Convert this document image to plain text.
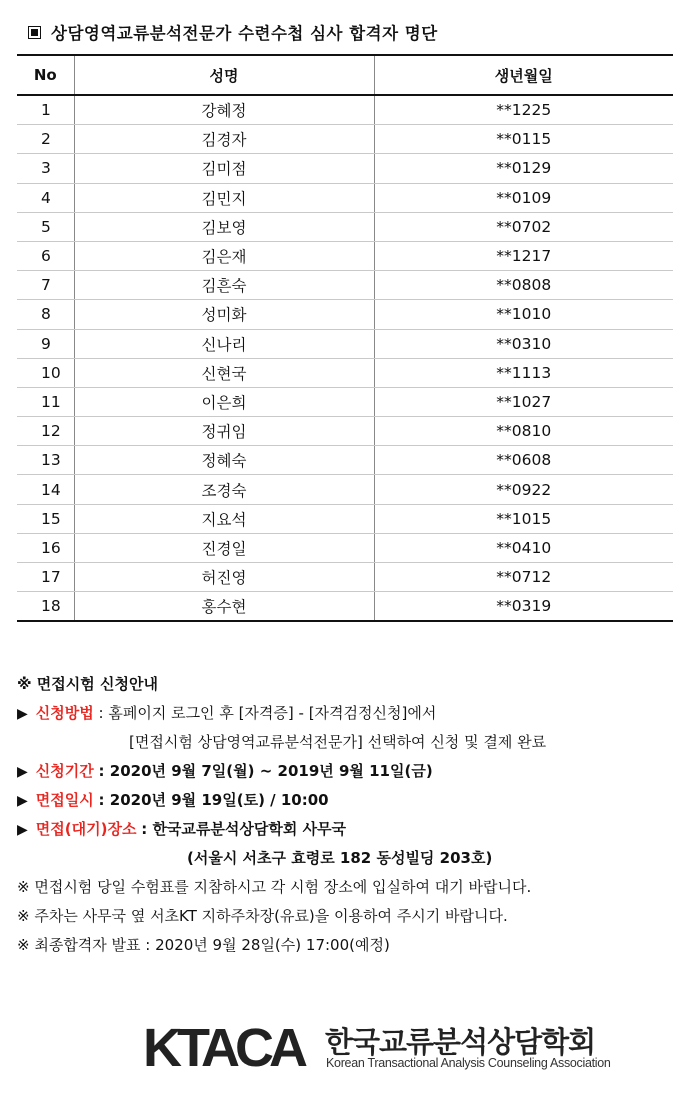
상담영역교류분석전문가 수련수첩 심사 합격자 명단
No	성명	생년월일
1	강혜정	**1225
2	김경자	**0115
3	김미점	**0129
4	김민지	**0109
5	김보영	**0702
6	김은재	**1217
7	김흔숙	**0808
8	성미화	**1010
9	신나리	**0310
10	신현국	**1113
11	이은희	**1027
12	정귀임	**0810
13	정혜숙	**0608
14	조경숙	**0922
15	지요석	**1015
16	진경일	**0410
17	허진영	**0712
18	홍수현	**0319
※ 면접시험 신청안내
▶ 신청방법 : 홈페이지 로그인 후 [자격증] - [자격검정신청]에서
[면접시험 상담영역교류분석전문가] 선택하여 신청 및 결제 완료
▶ 신청기간 : 2020년 9월 7일(월) ~ 2019년 9월 11일(금)
▶ 면접일시 : 2020년 9월 19일(토) / 10:00
▶ 면접(대기)장소 : 한국교류분석상담학회 사무국
(서울시 서초구 효령로 182 동성빌딩 203호)
※ 면접시험 당일 수험표를 지참하시고 각 시험 장소에 입실하여 대기 바랍니다.
※ 주차는 사무국 옆 서초KT 지하주차장(유료)을 이용하여 주시기 바랍니다.
※ 최종합격자 발표 : 2020년 9월 28일(수) 17:00(예정)
KTACA 한국교류분석상담학회
Korean Transactional Analysis Counseling Association
